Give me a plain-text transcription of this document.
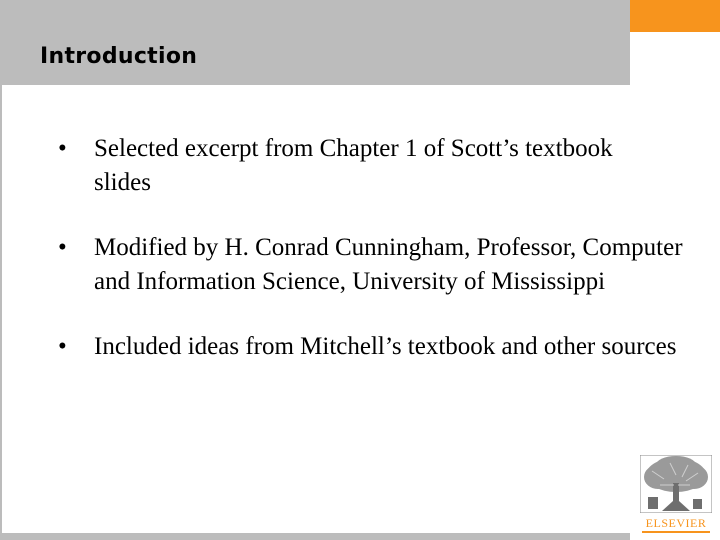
Introduction
• Selected excerpt from Chapter 1 of Scott’s textbook slides
• Modified by H. Conrad Cunningham, Professor, Computer and Information Science, University of Mississippi
• Included ideas from Mitchell’s textbook and other sources
ELSEVIER
